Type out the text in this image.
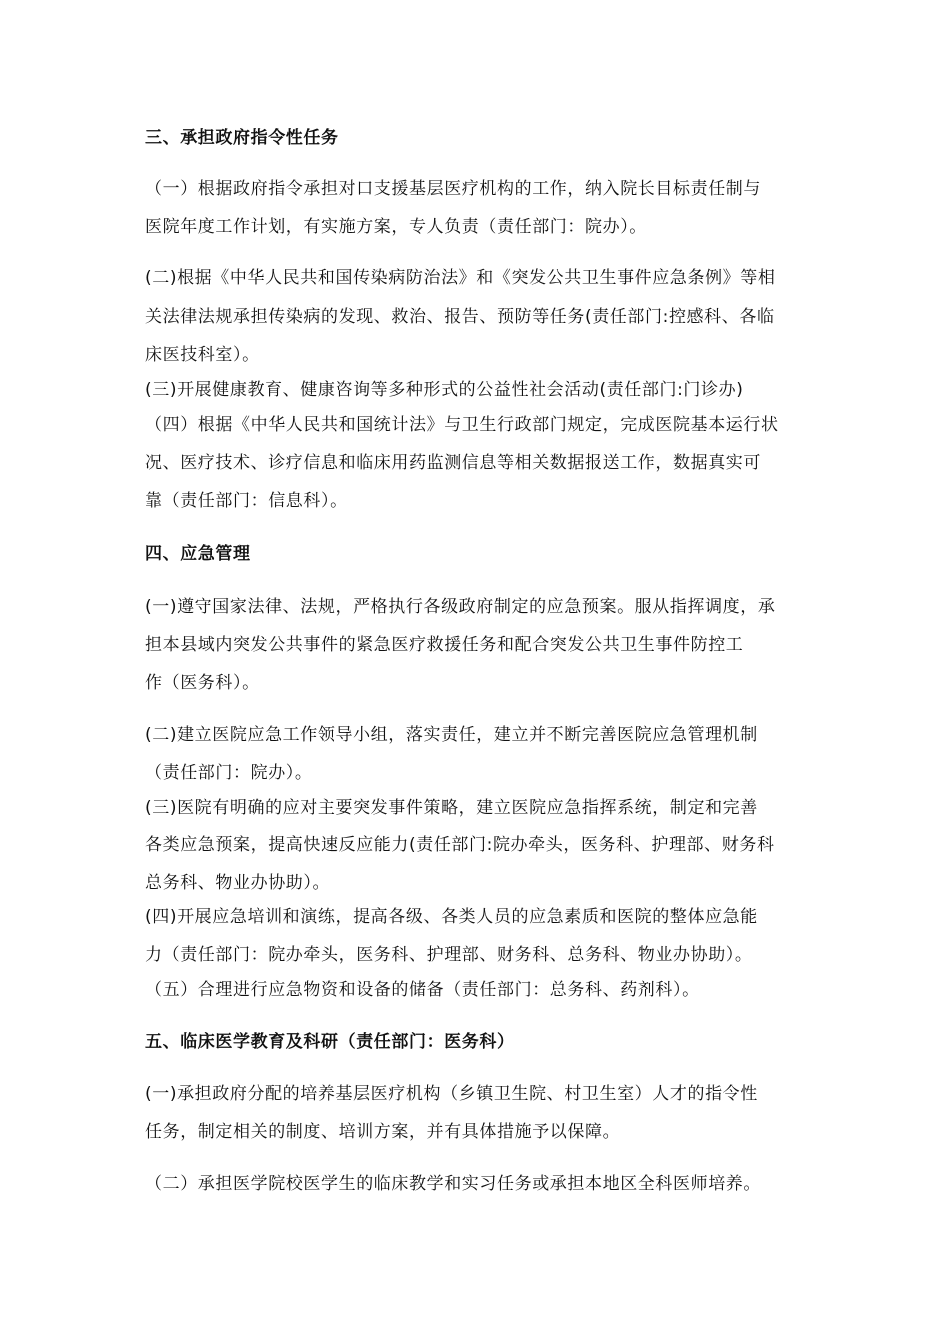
三、承担政府指令性任务
（一）根据政府指令承担对口支援基层医疗机构的工作，纳入院长目标责任制与
医院年度工作计划，有实施方案，专人负责（责任部门：院办）。
(二)根据《中华人民共和国传染病防治法》和《突发公共卫生事件应急条例》等相
关法律法规承担传染病的发现、救治、报告、预防等任务(责任部门:控感科、各临
床医技科室）。
(三)开展健康教育、健康咨询等多种形式的公益性社会活动(责任部门:门诊办)
（四）根据《中华人民共和国统计法》与卫生行政部门规定，完成医院基本运行状
况、医疗技术、诊疗信息和临床用药监测信息等相关数据报送工作，数据真实可
靠（责任部门：信息科）。
四、应急管理
(一)遵守国家法律、法规，严格执行各级政府制定的应急预案。服从指挥调度，承
担本县域内突发公共事件的紧急医疗救援任务和配合突发公共卫生事件防控工
作（医务科）。
(二)建立医院应急工作领导小组，落实责任，建立并不断完善医院应急管理机制
（责任部门：院办）。
(三)医院有明确的应对主要突发事件策略，建立医院应急指挥系统，制定和完善
各类应急预案，提高快速反应能力(责任部门:院办牵头，医务科、护理部、财务科
总务科、物业办协助）。
(四)开展应急培训和演练，提高各级、各类人员的应急素质和医院的整体应急能
力（责任部门：院办牵头，医务科、护理部、财务科、总务科、物业办协助）。
（五）合理进行应急物资和设备的储备（责任部门：总务科、药剂科）。
五、临床医学教育及科研（责任部门：医务科）
(一)承担政府分配的培养基层医疗机构（乡镇卫生院、村卫生室）人才的指令性
任务，制定相关的制度、培训方案，并有具体措施予以保障。
（二）承担医学院校医学生的临床教学和实习任务或承担本地区全科医师培养。
